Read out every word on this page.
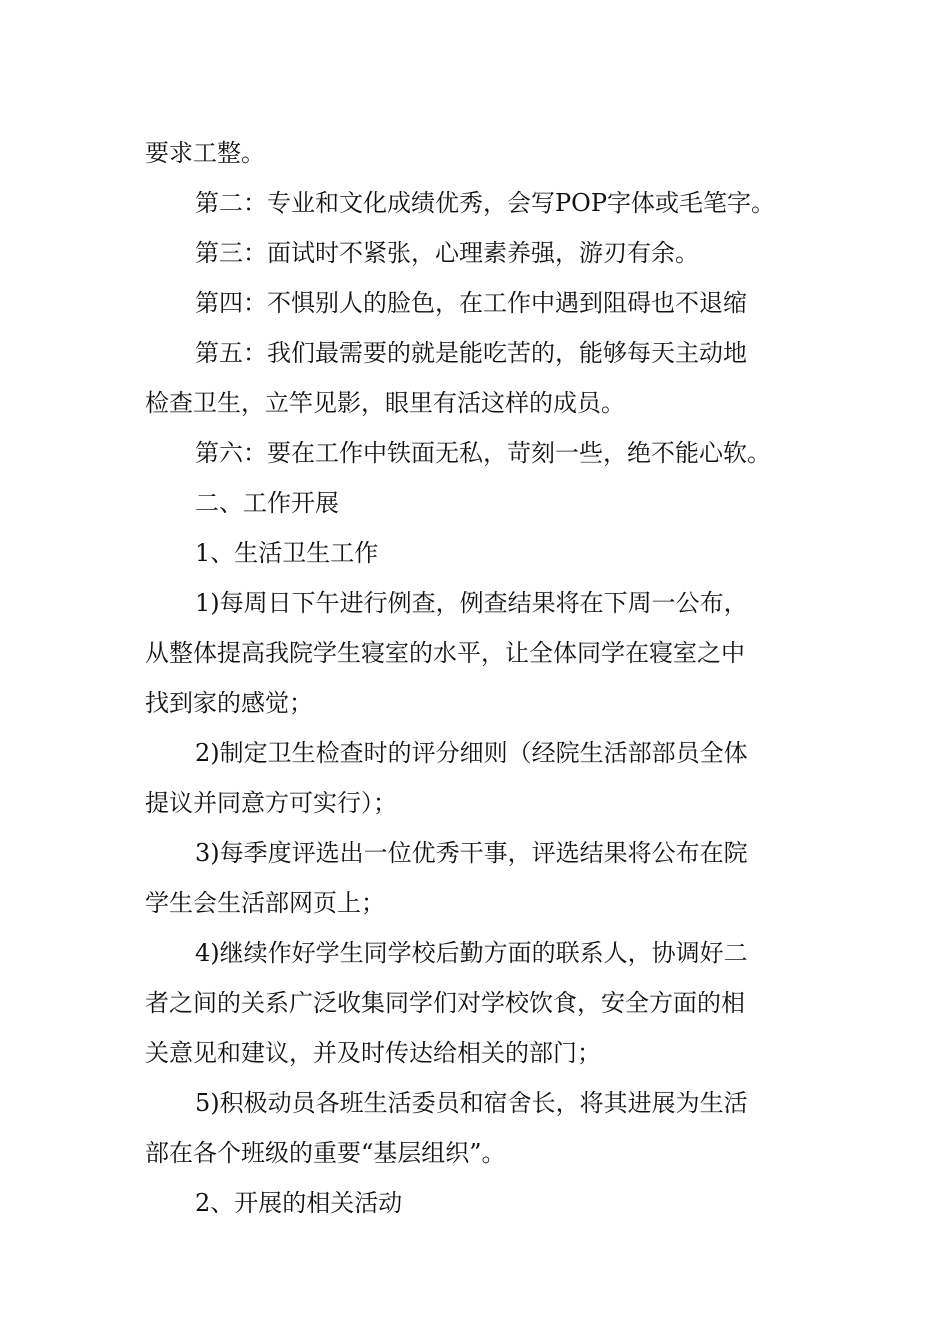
要求工整。
第二：专业和文化成绩优秀，会写POP字体或毛笔字。
第三：面试时不紧张，心理素养强，游刃有余。
第四：不惧别人的脸色，在工作中遇到阻碍也不退缩
第五：我们最需要的就是能吃苦的，能够每天主动地
检查卫生，立竿见影，眼里有活这样的成员。
第六：要在工作中铁面无私，苛刻一些，绝不能心软。
二、工作开展
1、生活卫生工作
1)每周日下午进行例查，例查结果将在下周一公布，
从整体提高我院学生寝室的水平，让全体同学在寝室之中
找到家的感觉；
2)制定卫生检查时的评分细则（经院生活部部员全体
提议并同意方可实行）；
3)每季度评选出一位优秀干事，评选结果将公布在院
学生会生活部网页上；
4)继续作好学生同学校后勤方面的联系人，协调好二
者之间的关系广泛收集同学们对学校饮食，安全方面的相
关意见和建议，并及时传达给相关的部门；
5)积极动员各班生活委员和宿舍长，将其进展为生活
部在各个班级的重要“基层组织”。
2、开展的相关活动
